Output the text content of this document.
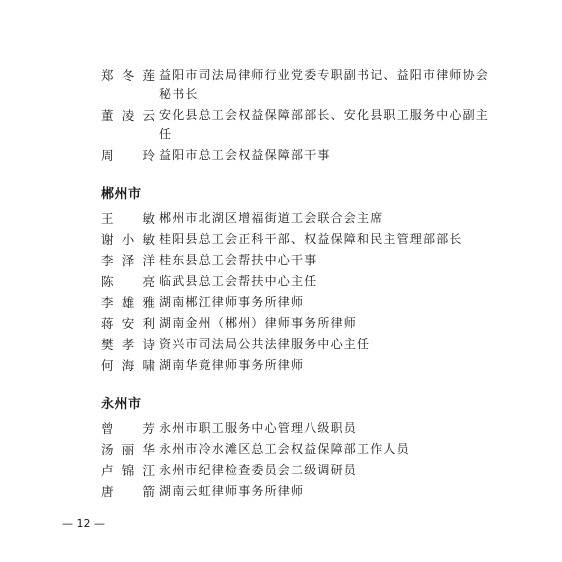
郑冬莲 益阳市司法局律师行业党委专职副书记、益阳市律师协会秘书长
董凌云 安化县总工会权益保障部部长、安化县职工服务中心副主任
周　玲 益阳市总工会权益保障部干事
郴州市
王　敏 郴州市北湖区增福街道工会联合会主席
谢小敏 桂阳县总工会正科干部、权益保障和民主管理部部长
李泽洋 桂东县总工会帮扶中心干事
陈　亮 临武县总工会帮扶中心主任
李雄雅 湖南郴江律师事务所律师
蒋安利 湖南金州（郴州）律师事务所律师
樊孝诗 资兴市司法局公共法律服务中心主任
何海啸 湖南华竟律师事务所律师
永州市
曾　芳 永州市职工服务中心管理八级职员
汤丽华 永州市冷水滩区总工会权益保障部工作人员
卢锦江 永州市纪律检查委员会二级调研员
唐　箭 湖南云虹律师事务所律师
— 12 —
